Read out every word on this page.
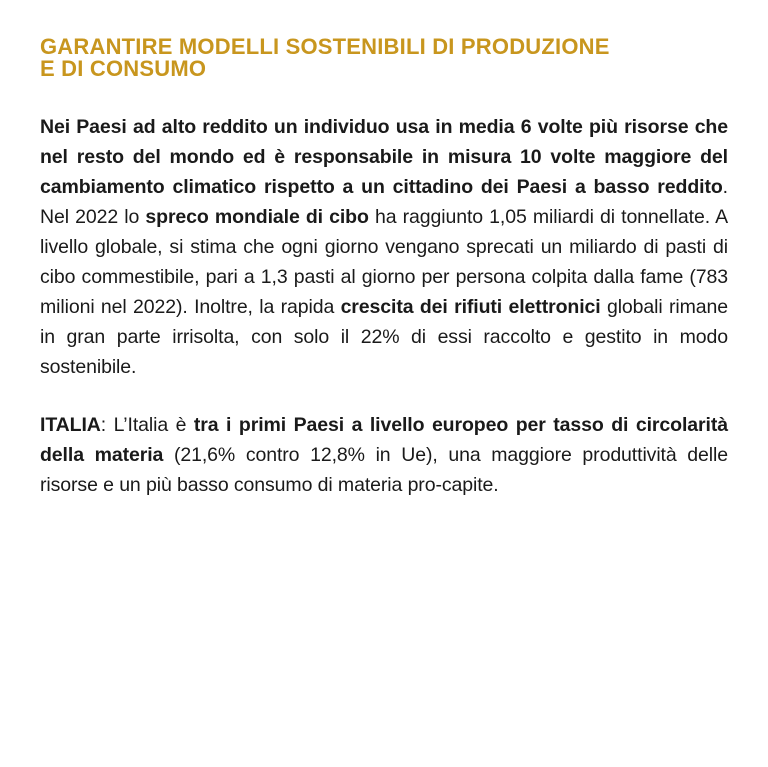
GARANTIRE MODELLI SOSTENIBILI DI PRODUZIONE
E DI CONSUMO

Nei Paesi ad alto reddito un individuo usa in media 6 volte più risorse che nel resto del mondo ed è responsabile in misura 10 volte maggiore del cambiamento climatico rispetto a un cittadino dei Paesi a basso reddito. Nel 2022 lo spreco mondiale di cibo ha raggiunto 1,05 miliardi di tonnellate. A livello globale, si stima che ogni giorno vengano sprecati un miliardo di pasti di cibo commestibile, pari a 1,3 pasti al giorno per persona colpita dalla fame (783 milioni nel 2022). Inoltre, la rapida crescita dei rifiuti elettronici globali rimane in gran parte irrisolta, con solo il 22% di essi raccolto e gestito in modo sostenibile.

ITALIA: L’Italia è tra i primi Paesi a livello europeo per tasso di circolarità della materia (21,6% contro 12,8% in Ue), una maggiore produttività delle risorse e un più basso consumo di materia pro-capite.
